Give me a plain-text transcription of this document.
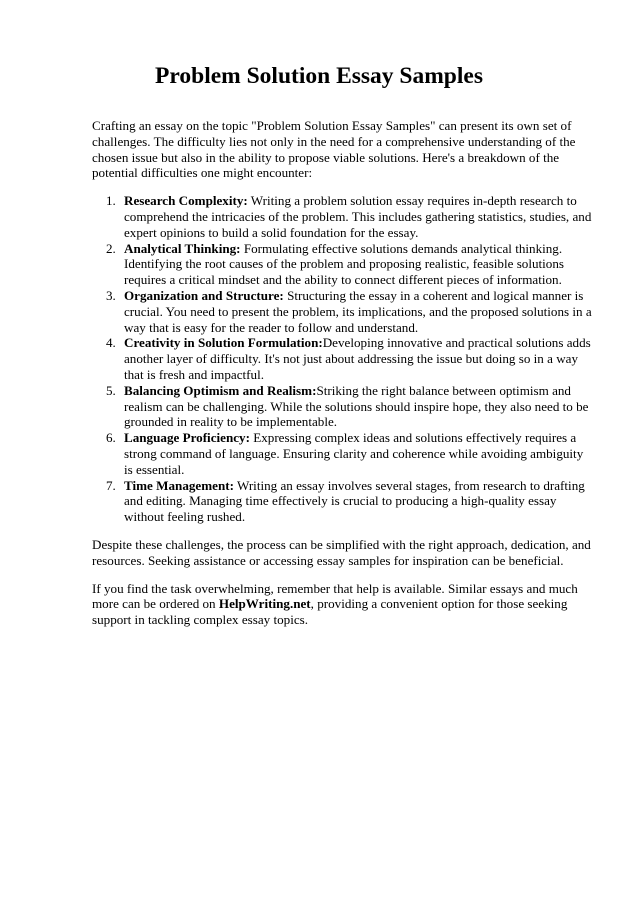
Problem Solution Essay Samples

Crafting an essay on the topic "Problem Solution Essay Samples" can present its own set of challenges. The difficulty lies not only in the need for a comprehensive understanding of the chosen issue but also in the ability to propose viable solutions. Here's a breakdown of the potential difficulties one might encounter:

1. Research Complexity: Writing a problem solution essay requires in-depth research to comprehend the intricacies of the problem. This includes gathering statistics, studies, and expert opinions to build a solid foundation for the essay.
2. Analytical Thinking: Formulating effective solutions demands analytical thinking. Identifying the root causes of the problem and proposing realistic, feasible solutions requires a critical mindset and the ability to connect different pieces of information.
3. Organization and Structure: Structuring the essay in a coherent and logical manner is crucial. You need to present the problem, its implications, and the proposed solutions in a way that is easy for the reader to follow and understand.
4. Creativity in Solution Formulation:Developing innovative and practical solutions adds another layer of difficulty. It's not just about addressing the issue but doing so in a way that is fresh and impactful.
5. Balancing Optimism and Realism:Striking the right balance between optimism and realism can be challenging. While the solutions should inspire hope, they also need to be grounded in reality to be implementable.
6. Language Proficiency: Expressing complex ideas and solutions effectively requires a strong command of language. Ensuring clarity and coherence while avoiding ambiguity is essential.
7. Time Management: Writing an essay involves several stages, from research to drafting and editing. Managing time effectively is crucial to producing a high-quality essay without feeling rushed.

Despite these challenges, the process can be simplified with the right approach, dedication, and resources. Seeking assistance or accessing essay samples for inspiration can be beneficial.

If you find the task overwhelming, remember that help is available. Similar essays and much more can be ordered on HelpWriting.net, providing a convenient option for those seeking support in tackling complex essay topics.
